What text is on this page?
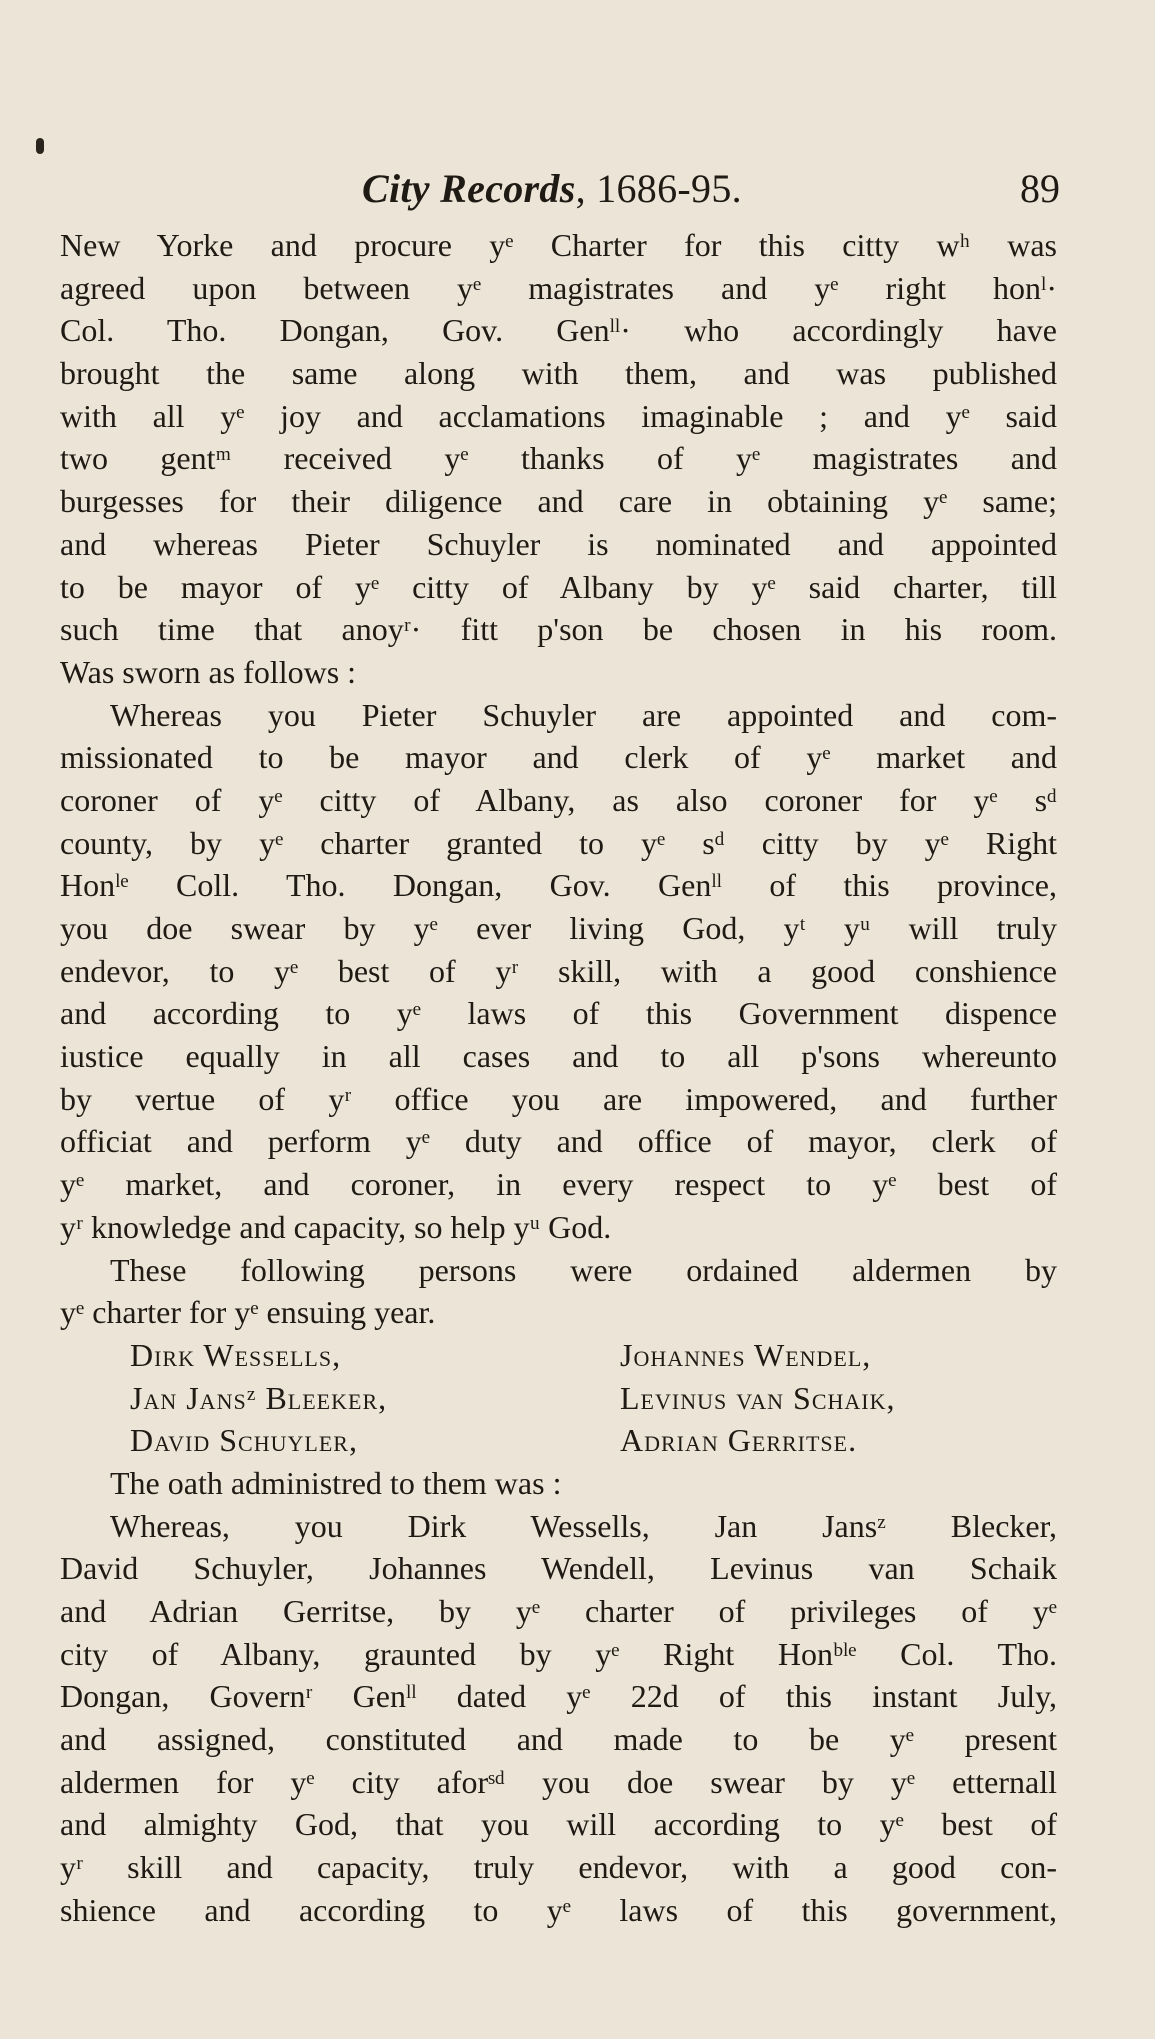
City Records, 1686-95.	89
New Yorke and procure yᵉ Charter for this citty wʰ was
agreed upon between yᵉ magistrates and yᵉ right honˡ·
Col. Tho. Dongan, Gov. Genˡˡ· who accordingly have
brought the same along with them, and was published
with all yᵉ joy and acclamations imaginable ; and yᵉ said
two gentᵐ received yᵉ thanks of yᵉ magistrates and
burgesses for their diligence and care in obtaining yᵉ same;
and whereas Pieter Schuyler is nominated and appointed
to be mayor of yᵉ citty of Albany by yᵉ said charter, till
such time that anoyʳ· fitt p'son be chosen in his room.
Was sworn as follows :
Whereas you Pieter Schuyler are appointed and com-
missionated to be mayor and clerk of yᵉ market and
coroner of yᵉ citty of Albany, as also coroner for yᵉ sᵈ
county, by yᵉ charter granted to yᵉ sᵈ citty by yᵉ Right
Honˡᵉ Coll. Tho. Dongan, Gov. Genˡˡ of this province,
you doe swear by yᵉ ever living God, yᵗ yᵘ will truly
endevor, to yᵉ best of yʳ skill, with a good conshience
and according to yᵉ laws of this Government dispence
iustice equally in all cases and to all p'sons whereunto
by vertue of yʳ office you are impowered, and further
officiat and perform yᵉ duty and office of mayor, clerk of
yᵉ market, and coroner, in every respect to yᵉ best of
yʳ knowledge and capacity, so help yᵘ God.
These following persons were ordained aldermen by
yᵉ charter for yᵉ ensuing year.
Dirk Wessells,	Johannes Wendel,
Jan Jansᶻ Bleeker,	Levinus van Schaik,
David Schuyler,	Adrian Gerritse.
The oath administred to them was :
Whereas, you Dirk Wessells, Jan Jansᶻ Blecker,
David Schuyler, Johannes Wendell, Levinus van Schaik
and Adrian Gerritse, by yᵉ charter of privileges of yᵉ
city of Albany, graunted by yᵉ Right Honᵇˡᵉ Col. Tho.
Dongan, Governʳ Genˡˡ dated yᵉ 22d of this instant July,
and assigned, constituted and made to be yᵉ present
aldermen for yᵉ city aforˢᵈ you doe swear by yᵉ etternall
and almighty God, that you will according to yᵉ best of
yʳ skill and capacity, truly endevor, with a good con-
shience and according to yᵉ laws of this government,
